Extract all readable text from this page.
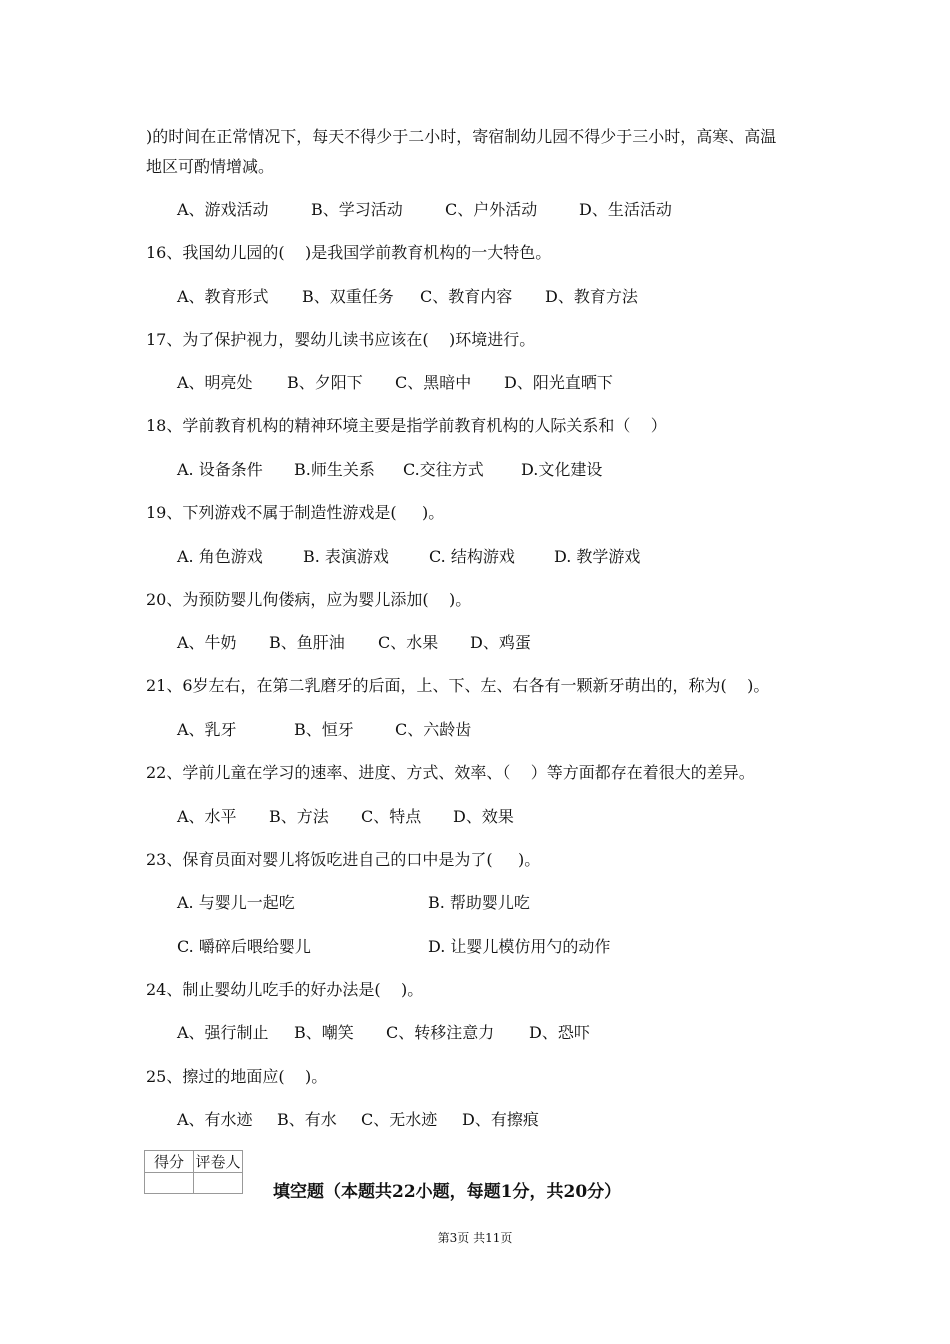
)的时间在正常情况下，每天不得少于二小时，寄宿制幼儿园不得少于三小时，高寒、高温
地区可酌情增减。
A、游戏活动	B、学习活动	C、户外活动	D、生活活动
16、我国幼儿园的(    )是我国学前教育机构的一大特色。
A、教育形式 B、双重任务 C、教育内容 D、教育方法
17、为了保护视力，婴幼儿读书应该在(    )环境进行。
A、明亮处 B、夕阳下 C、黑暗中 D、阳光直晒下
18、学前教育机构的精神环境主要是指学前教育机构的人际关系和（    ）
A. 设备条件 B.师生关系 C.交往方式 D.文化建设
19、下列游戏不属于制造性游戏是(     )。
A. 角色游戏	B. 表演游戏	C. 结构游戏 D. 教学游戏
20、为预防婴儿佝偻病，应为婴儿添加(    )。
A、牛奶 B、鱼肝油 C、水果 D、鸡蛋
21、6岁左右，在第二乳磨牙的后面，上、下、左、右各有一颗新牙萌出的，称为(    )。
A、乳牙	B、恒牙	C、六龄齿
22、学前儿童在学习的速率、进度、方式、效率、（    ）等方面都存在着很大的差异。
A、水平 B、方法 C、特点 D、效果
23、保育员面对婴儿将饭吃进自己的口中是为了(     )。
A. 与婴儿一起吃	B. 帮助婴儿吃
C. 嚼碎后喂给婴儿	D. 让婴儿模仿用勺的动作
24、制止婴幼儿吃手的好办法是(    )。
A、强行制止 B、嘲笑 C、转移注意力 D、恐吓
25、擦过的地面应(    )。
A、有水迹 B、有水 C、无水迹 D、有擦痕
得分	评卷人

填空题（本题共22小题，每题1分，共20分）
第3页 共11页
